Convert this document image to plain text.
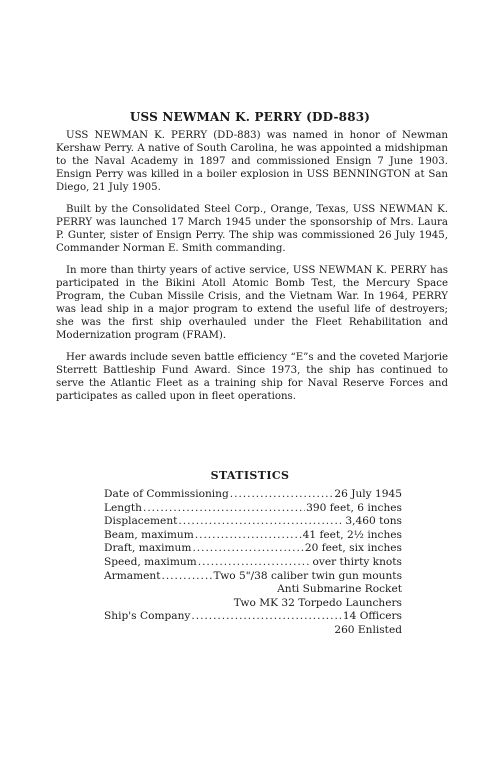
USS NEWMAN K. PERRY (DD-883)

USS NEWMAN K. PERRY (DD-883) was named in honor of Newman Kershaw Perry. A native of South Carolina, he was appointed a midshipman to the Naval Academy in 1897 and commissioned Ensign 7 June 1903. Ensign Perry was killed in a boiler explosion in USS BENNINGTON at San Diego, 21 July 1905.

Built by the Consolidated Steel Corp., Orange, Texas, USS NEWMAN K. PERRY was launched 17 March 1945 under the sponsorship of Mrs. Laura P. Gunter, sister of Ensign Perry. The ship was commissioned 26 July 1945, Commander Norman E. Smith commanding.

In more than thirty years of active service, USS NEWMAN K. PERRY has participated in the Bikini Atoll Atomic Bomb Test, the Mercury Space Program, the Cuban Missile Crisis, and the Vietnam War. In 1964, PERRY was lead ship in a major program to extend the useful life of destroyers; she was the first ship overhauled under the Fleet Rehabilitation and Modernization program (FRAM).

Her awards include seven battle efficiency “E”s and the coveted Marjorie Sterrett Battleship Fund Award. Since 1973, the ship has continued to serve the Atlantic Fleet as a training ship for Naval Reserve Forces and participates as called upon in fleet operations.

STATISTICS
Date of Commissioning . . .	26 July 1945
Length . . .	390 feet, 6 inches
Displacement . . .	3,460 tons
Beam, maximum . . .	41 feet, 2½ inches
Draft, maximum . . .	20 feet, six inches
Speed, maximum . . .	over thirty knots
Armament . . .	Two 5"/38 caliber twin gun mounts
Anti Submarine Rocket
Two MK 32 Torpedo Launchers
Ship's Company . . .	14 Officers
260 Enlisted
